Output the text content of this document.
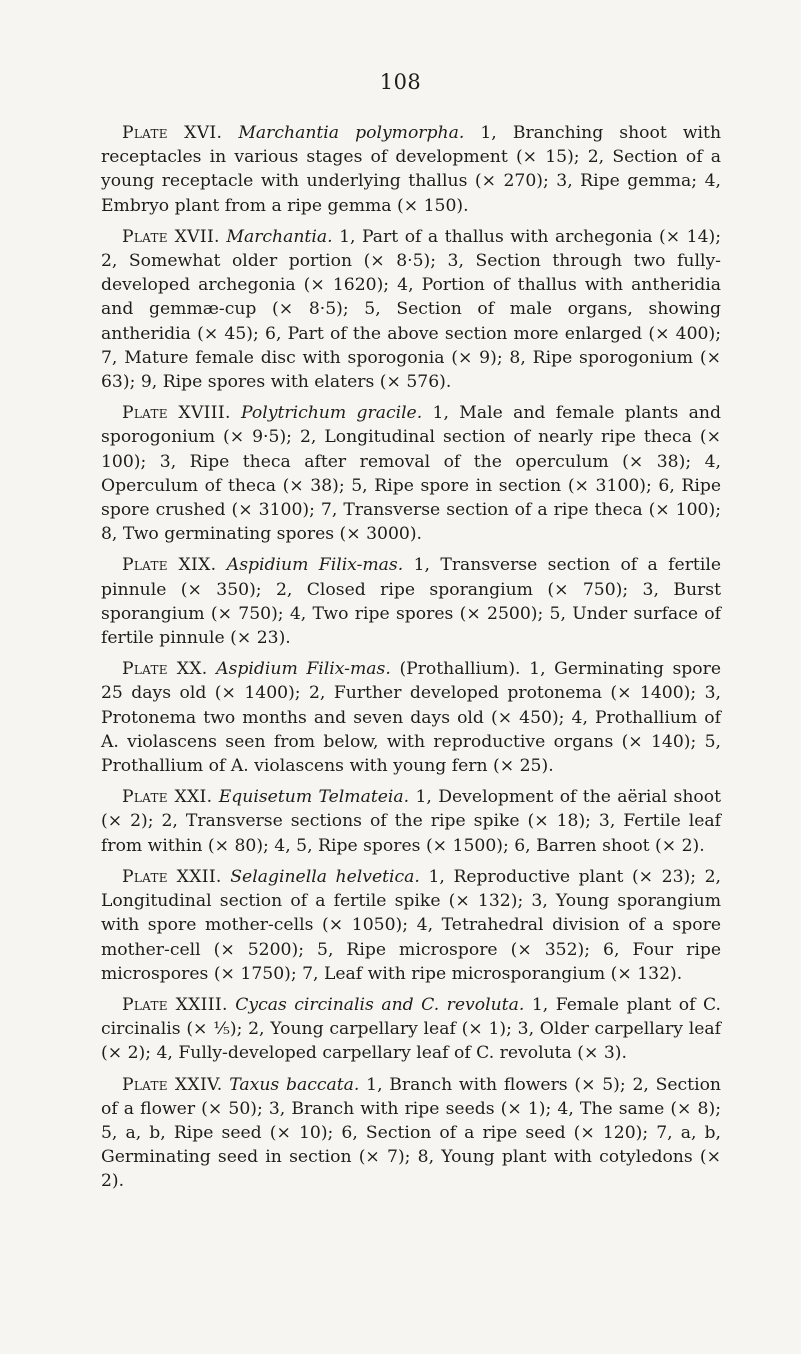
108

Plate XVI. Marchantia polymorpha. 1, Branching shoot with receptacles in various stages of development (× 15); 2, Section of a young receptacle with underlying thallus (× 270); 3, Ripe gemma; 4, Embryo plant from a ripe gemma (× 150).

Plate XVII. Marchantia. 1, Part of a thallus with archegonia (× 14); 2, Somewhat older portion (× 8·5); 3, Section through two fully-developed archegonia (× 1620); 4, Portion of thallus with antheridia and gemmæ-cup (× 8·5); 5, Section of male organs, showing antheridia (× 45); 6, Part of the above section more enlarged (× 400); 7, Mature female disc with sporogonia (× 9); 8, Ripe sporogonium (× 63); 9, Ripe spores with elaters (× 576).

Plate XVIII. Polytrichum gracile. 1, Male and female plants and sporogonium (× 9·5); 2, Longitudinal section of nearly ripe theca (× 100); 3, Ripe theca after removal of the operculum (× 38); 4, Operculum of theca (× 38); 5, Ripe spore in section (× 3100); 6, Ripe spore crushed (× 3100); 7, Transverse section of a ripe theca (× 100); 8, Two germinating spores (× 3000).

Plate XIX. Aspidium Filix-mas. 1, Transverse section of a fertile pinnule (× 350); 2, Closed ripe sporangium (× 750); 3, Burst sporangium (× 750); 4, Two ripe spores (× 2500); 5, Under surface of fertile pinnule (× 23).

Plate XX. Aspidium Filix-mas. (Prothallium). 1, Germinating spore 25 days old (× 1400); 2, Further developed protonema (× 1400); 3, Protonema two months and seven days old (× 450); 4, Prothallium of A. violascens seen from below, with reproductive organs (× 140); 5, Prothallium of A. violascens with young fern (× 25).

Plate XXI. Equisetum Telmateia. 1, Development of the aërial shoot (× 2); 2, Transverse sections of the ripe spike (× 18); 3, Fertile leaf from within (× 80); 4, 5, Ripe spores (× 1500); 6, Barren shoot (× 2).

Plate XXII. Selaginella helvetica. 1, Reproductive plant (× 23); 2, Longitudinal section of a fertile spike (× 132); 3, Young sporangium with spore mother-cells (× 1050); 4, Tetrahedral division of a spore mother-cell (× 5200); 5, Ripe microspore (× 352); 6, Four ripe microspores (× 1750); 7, Leaf with ripe microsporangium (× 132).

Plate XXIII. Cycas circinalis and C. revoluta. 1, Female plant of C. circinalis (× ⅕); 2, Young carpellary leaf (× 1); 3, Older carpellary leaf (× 2); 4, Fully-developed carpellary leaf of C. revoluta (× 3).

Plate XXIV. Taxus baccata. 1, Branch with flowers (× 5); 2, Section of a flower (× 50); 3, Branch with ripe seeds (× 1); 4, The same (× 8); 5, a, b, Ripe seed (× 10); 6, Section of a ripe seed (× 120); 7, a, b, Germinating seed in section (× 7); 8, Young plant with cotyledons (× 2).
